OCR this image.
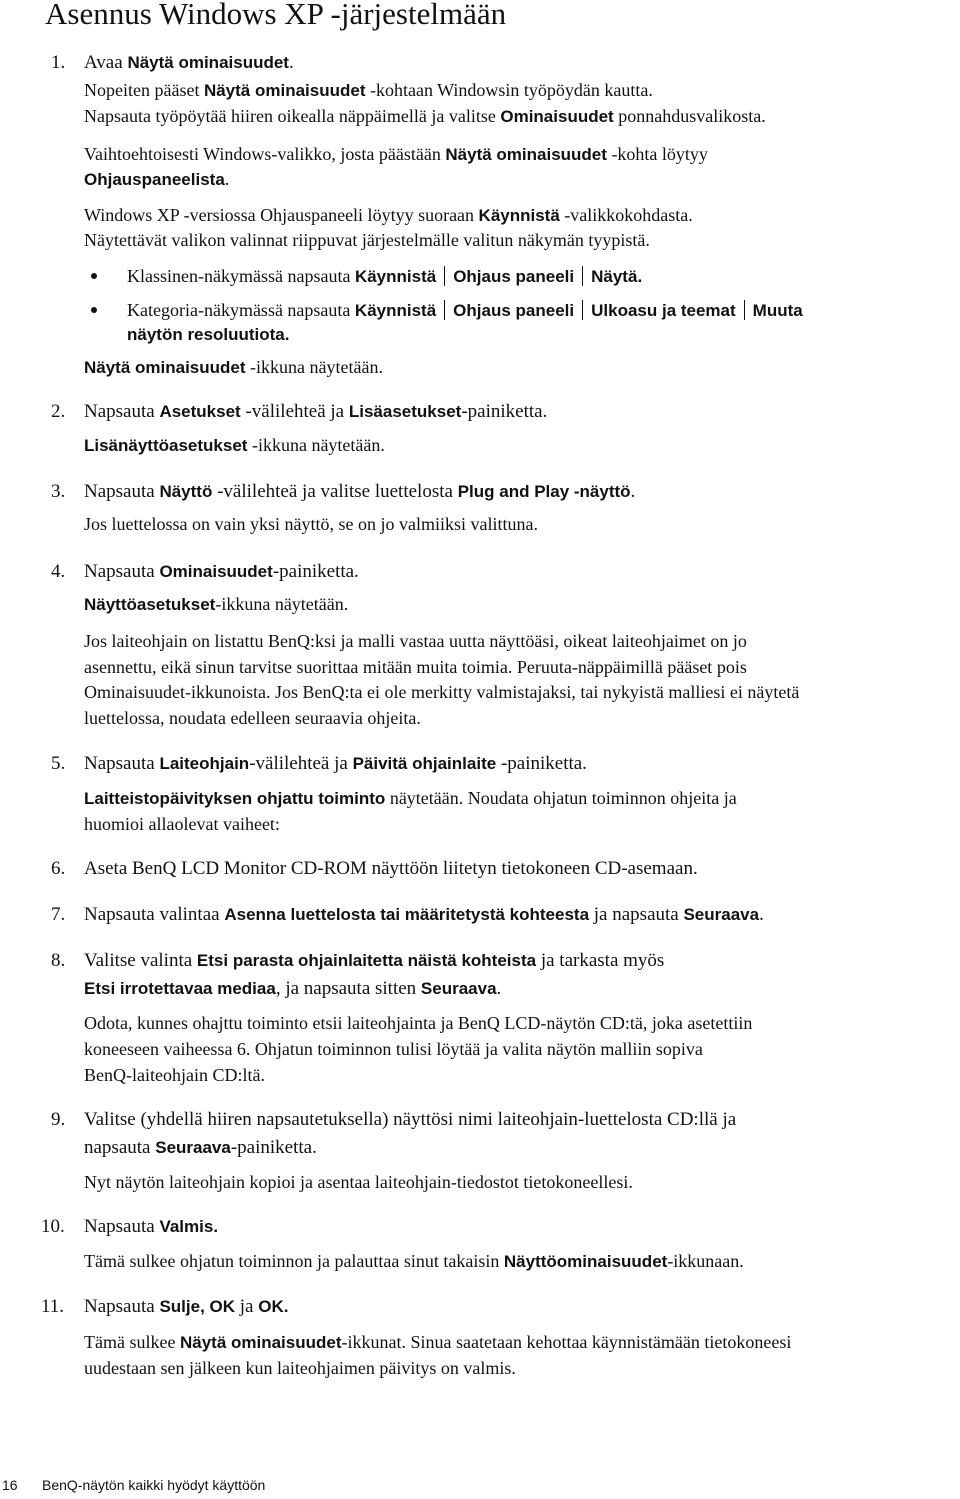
Asennus Windows XP -järjestelmään
1. Avaa Näytä ominaisuudet.
Nopeiten pääset Näytä ominaisuudet -kohtaan Windowsin työpöydän kautta.
Napsauta työpöytää hiiren oikealla näppäimellä ja valitse Ominaisuudet ponnahdusvalikosta.
Vaihtoehtoisesti Windows-valikko, josta päästään Näytä ominaisuudet -kohta löytyy
Ohjauspaneelista.
Windows XP -versiossa Ohjauspaneeli löytyy suoraan Käynnistä -valikkokohdasta.
Näytettävät valikon valinnat riippuvat järjestelmälle valitun näkymän tyypistä.
Klassinen-näkymässä napsauta Käynnistä Ohjaus paneeli Näytä.
Kategoria-näkymässä napsauta Käynnistä Ohjaus paneeli Ulkoasu ja teemat Muuta
näytön resoluutiota.
Näytä ominaisuudet -ikkuna näytetään.
2. Napsauta Asetukset -välilehteä ja Lisäasetukset-painiketta.
Lisänäyttöasetukset -ikkuna näytetään.
3. Napsauta Näyttö -välilehteä ja valitse luettelosta Plug and Play -näyttö.
Jos luettelossa on vain yksi näyttö, se on jo valmiiksi valittuna.
4. Napsauta Ominaisuudet-painiketta.
Näyttöasetukset-ikkuna näytetään.
Jos laiteohjain on listattu BenQ:ksi ja malli vastaa uutta näyttöäsi, oikeat laiteohjaimet on jo
asennettu, eikä sinun tarvitse suorittaa mitään muita toimia. Peruuta-näppäimillä pääset pois
Ominaisuudet-ikkunoista. Jos BenQ:ta ei ole merkitty valmistajaksi, tai nykyistä malliesi ei näytetä
luettelossa, noudata edelleen seuraavia ohjeita.
5. Napsauta Laiteohjain-välilehteä ja Päivitä ohjainlaite -painiketta.
Laitteistopäivityksen ohjattu toiminto näytetään. Noudata ohjatun toiminnon ohjeita ja
huomioi allaolevat vaiheet:
6. Aseta BenQ LCD Monitor CD-ROM näyttöön liitetyn tietokoneen CD-asemaan.
7. Napsauta valintaa Asenna luettelosta tai määritetystä kohteesta ja napsauta Seuraava.
8. Valitse valinta Etsi parasta ohjainlaitetta näistä kohteista ja tarkasta myös
Etsi irrotettavaa mediaa, ja napsauta sitten Seuraava.
Odota, kunnes ohajttu toiminto etsii laiteohjainta ja BenQ LCD-näytön CD:tä, joka asetettiin
koneeseen vaiheessa 6. Ohjatun toiminnon tulisi löytää ja valita näytön malliin sopiva
BenQ-laiteohjain CD:ltä.
9. Valitse (yhdellä hiiren napsautetuksella) näyttösi nimi laiteohjain-luettelosta CD:llä ja
napsauta Seuraava-painiketta.
Nyt näytön laiteohjain kopioi ja asentaa laiteohjain-tiedostot tietokoneellesi.
10. Napsauta Valmis.
Tämä sulkee ohjatun toiminnon ja palauttaa sinut takaisin Näyttöominaisuudet-ikkunaan.
11. Napsauta Sulje, OK ja OK.
Tämä sulkee Näytä ominaisuudet-ikkunat. Sinua saatetaan kehottaa käynnistämään tietokoneesi
uudestaan sen jälkeen kun laiteohjaimen päivitys on valmis.
16 BenQ-näytön kaikki hyödyt käyttöön
